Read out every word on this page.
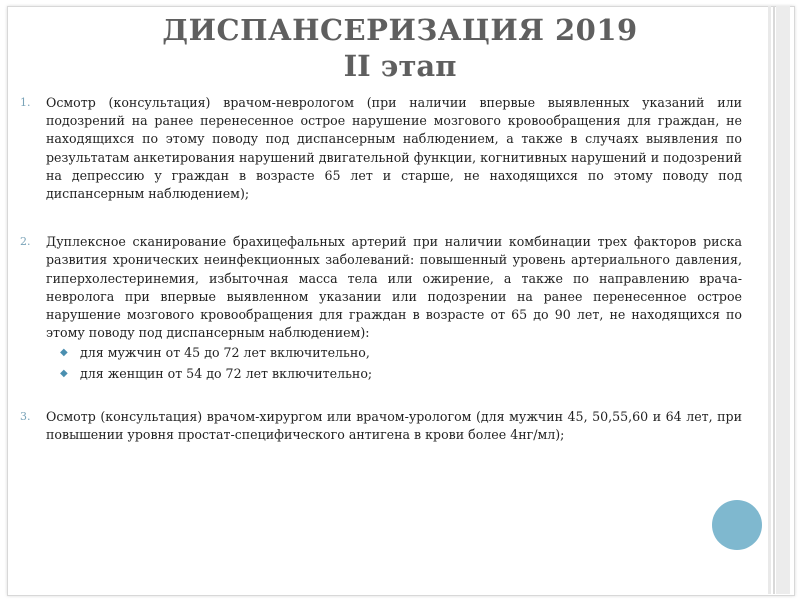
ДИСПАНСЕРИЗАЦИЯ 2019
II этап
1. Осмотр (консультация) врачом-неврологом (при наличии впервые выявленных указаний или подозрений на ранее перенесенное острое нарушение мозгового кровообращения для граждан, не находящихся по этому поводу под диспансерным наблюдением, а также в случаях выявления по результатам анкетирования нарушений двигательной функции, когнитивных нарушений и подозрений на депрессию у граждан в возрасте 65 лет и старше, не находящихся по этому поводу под диспансерным наблюдением);
2. Дуплексное сканирование брахицефальных артерий при наличии комбинации трех факторов риска развития хронических неинфекционных заболеваний: повышенный уровень артериального давления, гиперхолестеринемия, избыточная масса тела или ожирение, а также по направлению врача-невролога при впервые выявленном указании или подозрении на ранее перенесенное острое нарушение мозгового кровообращения для граждан в возрасте от 65 до 90 лет, не находящихся по этому поводу под диспансерным наблюдением):
◆ для мужчин от 45 до 72 лет включительно,
◆ для женщин от 54 до 72 лет включительно;
3. Осмотр (консультация) врачом-хирургом или врачом-урологом (для мужчин 45, 50,55,60 и 64 лет, при повышении уровня простат-специфического антигена в крови более 4нг/мл);
